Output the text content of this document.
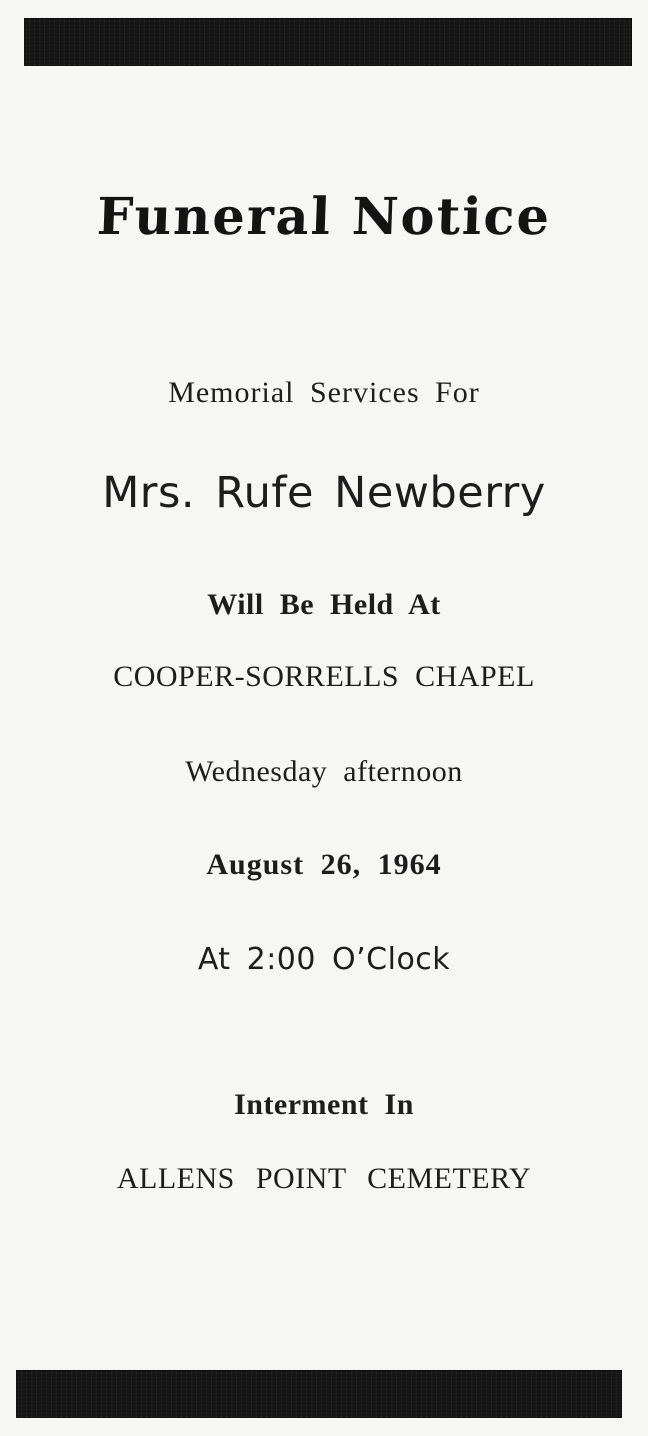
Funeral Notice
Memorial Services For
Mrs. Rufe Newberry
Will Be Held At
COOPER-SORRELLS CHAPEL
Wednesday afternoon
August 26, 1964
At 2:00 O’Clock
Interment In
ALLENS POINT CEMETERY
